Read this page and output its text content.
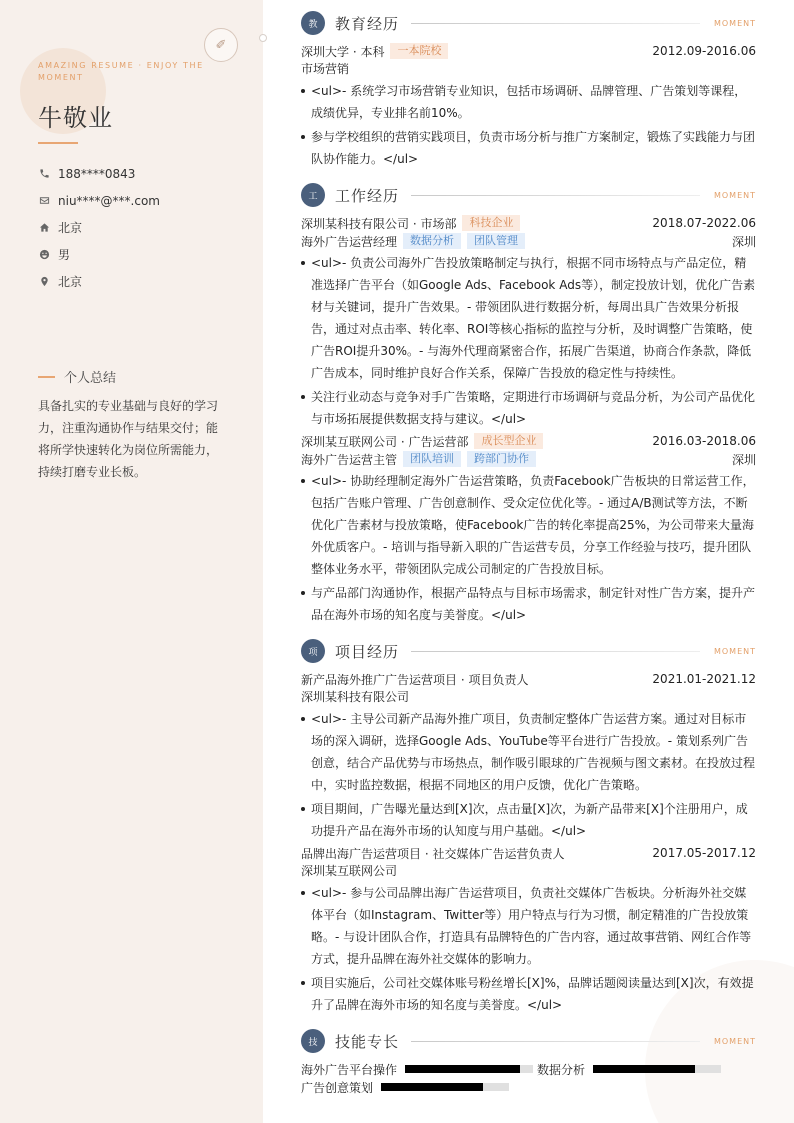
AMAZING RESUME · ENJOY THE MOMENT
牛敬业
188****0843
niu****@***.com
北京
男
北京
个人总结
具备扎实的专业基础与良好的学习力，注重沟通协作与结果交付；能将所学快速转化为岗位所需能力，持续打磨专业长板。
✐
教	教育经历	MOMENT
深圳大学 · 本科	一本院校	2012.09-2016.06
市场营销
<ul>- 系统学习市场营销专业知识，包括市场调研、品牌管理、广告策划等课程，成绩优异，专业排名前10%。
参与学校组织的营销实践项目，负责市场分析与推广方案制定，锻炼了实践能力与团队协作能力。</ul>
工	工作经历	MOMENT
深圳某科技有限公司 · 市场部	科技企业	2018.07-2022.06
海外广告运营经理	数据分析	团队管理	深圳
<ul>- 负责公司海外广告投放策略制定与执行，根据不同市场特点与产品定位，精准选择广告平台（如Google Ads、Facebook Ads等），制定投放计划，优化广告素材与关键词，提升广告效果。- 带领团队进行数据分析，每周出具广告效果分析报告，通过对点击率、转化率、ROI等核心指标的监控与分析，及时调整广告策略，使广告ROI提升30%。- 与海外代理商紧密合作，拓展广告渠道，协商合作条款，降低广告成本，同时维护良好合作关系，保障广告投放的稳定性与持续性。
关注行业动态与竞争对手广告策略，定期进行市场调研与竞品分析，为公司产品优化与市场拓展提供数据支持与建议。</ul>
深圳某互联网公司 · 广告运营部	成长型企业	2016.03-2018.06
海外广告运营主管	团队培训	跨部门协作	深圳
<ul>- 协助经理制定海外广告运营策略，负责Facebook广告板块的日常运营工作，包括广告账户管理、广告创意制作、受众定位优化等。- 通过A/B测试等方法，不断优化广告素材与投放策略，使Facebook广告的转化率提高25%，为公司带来大量海外优质客户。- 培训与指导新入职的广告运营专员，分享工作经验与技巧，提升团队整体业务水平，带领团队完成公司制定的广告投放目标。
与产品部门沟通协作，根据产品特点与目标市场需求，制定针对性广告方案，提升产品在海外市场的知名度与美誉度。</ul>
项	项目经历	MOMENT
新产品海外推广广告运营项目 · 项目负责人	2021.01-2021.12
深圳某科技有限公司
<ul>- 主导公司新产品海外推广项目，负责制定整体广告运营方案。通过对目标市场的深入调研，选择Google Ads、YouTube等平台进行广告投放。- 策划系列广告创意，结合产品优势与市场热点，制作吸引眼球的广告视频与图文素材。在投放过程中，实时监控数据，根据不同地区的用户反馈，优化广告策略。
项目期间，广告曝光量达到[X]次，点击量[X]次，为新产品带来[X]个注册用户，成功提升产品在海外市场的认知度与用户基础。</ul>
品牌出海广告运营项目 · 社交媒体广告运营负责人	2017.05-2017.12
深圳某互联网公司
<ul>- 参与公司品牌出海广告运营项目，负责社交媒体广告板块。分析海外社交媒体平台（如Instagram、Twitter等）用户特点与行为习惯，制定精准的广告投放策略。- 与设计团队合作，打造具有品牌特色的广告内容，通过故事营销、网红合作等方式，提升品牌在海外社交媒体的影响力。
项目实施后，公司社交媒体账号粉丝增长[X]%，品牌话题阅读量达到[X]次，有效提升了品牌在海外市场的知名度与美誉度。</ul>
技	技能专长	MOMENT
海外广告平台操作	数据分析
广告创意策划
